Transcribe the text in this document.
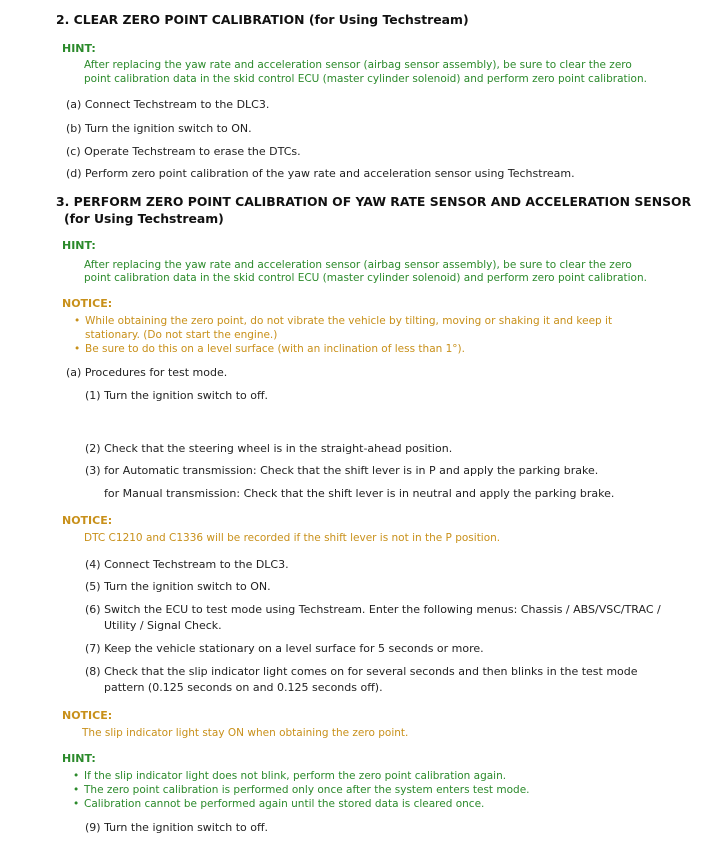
2. CLEAR ZERO POINT CALIBRATION (for Using Techstream)
HINT:
After replacing the yaw rate and acceleration sensor (airbag sensor assembly), be sure to clear the zero
point calibration data in the skid control ECU (master cylinder solenoid) and perform zero point calibration.
(a) Connect Techstream to the DLC3.
(b) Turn the ignition switch to ON.
(c) Operate Techstream to erase the DTCs.
(d) Perform zero point calibration of the yaw rate and acceleration sensor using Techstream.
3. PERFORM ZERO POINT CALIBRATION OF YAW RATE SENSOR AND ACCELERATION SENSOR
(for Using Techstream)
HINT:
After replacing the yaw rate and acceleration sensor (airbag sensor assembly), be sure to clear the zero
point calibration data in the skid control ECU (master cylinder solenoid) and perform zero point calibration.
NOTICE:
• While obtaining the zero point, do not vibrate the vehicle by tilting, moving or shaking it and keep it
stationary. (Do not start the engine.)
• Be sure to do this on a level surface (with an inclination of less than 1°).
(a) Procedures for test mode.
(1) Turn the ignition switch to off.
(2) Check that the steering wheel is in the straight-ahead position.
(3) for Automatic transmission: Check that the shift lever is in P and apply the parking brake.
for Manual transmission: Check that the shift lever is in neutral and apply the parking brake.
NOTICE:
DTC C1210 and C1336 will be recorded if the shift lever is not in the P position.
(4) Connect Techstream to the DLC3.
(5) Turn the ignition switch to ON.
(6) Switch the ECU to test mode using Techstream. Enter the following menus: Chassis / ABS/VSC/TRAC /
Utility / Signal Check.
(7) Keep the vehicle stationary on a level surface for 5 seconds or more.
(8) Check that the slip indicator light comes on for several seconds and then blinks in the test mode
pattern (0.125 seconds on and 0.125 seconds off).
NOTICE:
The slip indicator light stay ON when obtaining the zero point.
HINT:
• If the slip indicator light does not blink, perform the zero point calibration again.
• The zero point calibration is performed only once after the system enters test mode.
• Calibration cannot be performed again until the stored data is cleared once.
(9) Turn the ignition switch to off.
